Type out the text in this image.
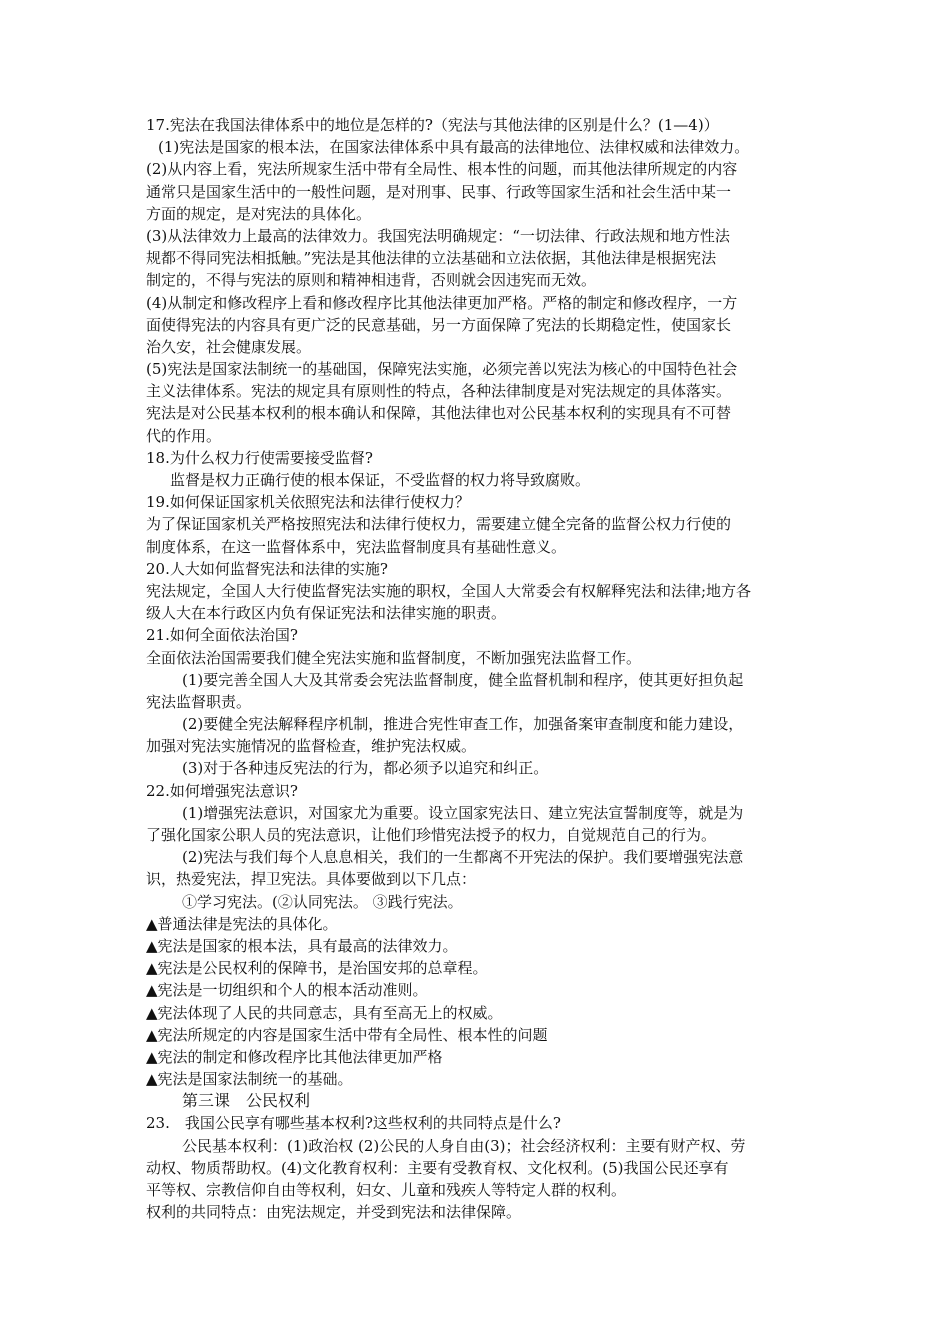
17.宪法在我国法律体系中的地位是怎样的?（宪法与其他法律的区别是什么？(1—4)）
(1)宪法是国家的根本法，在国家法律体系中具有最高的法律地位、法律权威和法律效力。
(2)从内容上看，宪法所规家生活中带有全局性、根本性的问题，而其他法律所规定的内容
通常只是国家生活中的一般性问题，是对刑事、民事、行政等国家生活和社会生活中某一
方面的规定，是对宪法的具体化。
(3)从法律效力上最高的法律效力。我国宪法明确规定：“一切法律、行政法规和地方性法
规都不得同宪法相抵触。”宪法是其他法律的立法基础和立法依据，其他法律是根据宪法
制定的，不得与宪法的原则和精神相违背，否则就会因违宪而无效。
(4)从制定和修改程序上看和修改程序比其他法律更加严格。严格的制定和修改程序，一方
面使得宪法的内容具有更广泛的民意基础，另一方面保障了宪法的长期稳定性，使国家长
治久安，社会健康发展。
(5)宪法是国家法制统一的基础国，保障宪法实施，必须完善以宪法为核心的中国特色社会
主义法律体系。宪法的规定具有原则性的特点，各种法律制度是对宪法规定的具体落实。
宪法是对公民基本权利的根本确认和保障，其他法律也对公民基本权利的实现具有不可替
代的作用。
18.为什么权力行使需要接受监督?
监督是权力正确行使的根本保证，不受监督的权力将导致腐败。
19.如何保证国家机关依照宪法和法律行使权力？
为了保证国家机关严格按照宪法和法律行使权力，需要建立健全完备的监督公权力行使的
制度体系，在这一监督体系中，宪法监督制度具有基础性意义。
20.人大如何监督宪法和法律的实施?
宪法规定，全国人大行使监督宪法实施的职权，全国人大常委会有权解释宪法和法律;地方各
级人大在本行政区内负有保证宪法和法律实施的职责。
21.如何全面依法治国?
全面依法治国需要我们健全宪法实施和监督制度，不断加强宪法监督工作。
(1)要完善全国人大及其常委会宪法监督制度，健全监督机制和程序，使其更好担负起
宪法监督职责。
(2)要健全宪法解释程序机制，推进合宪性审查工作，加强备案审查制度和能力建设，
加强对宪法实施情况的监督检查，维护宪法权威。
(3)对于各种违反宪法的行为，都必须予以追究和纠正。
22.如何增强宪法意识?
(1)增强宪法意识，对国家尤为重要。设立国家宪法日、建立宪法宣誓制度等，就是为
了强化国家公职人员的宪法意识，让他们珍惜宪法授予的权力，自觉规范自己的行为。
(2)宪法与我们每个人息息相关，我们的一生都离不开宪法的保护。我们要增强宪法意
识，热爱宪法，捍卫宪法。具体要做到以下几点：
①学习宪法。(②认同宪法。 ③践行宪法。
▲普通法律是宪法的具体化。
▲宪法是国家的根本法，具有最高的法律效力。
▲宪法是公民权利的保障书，是治国安邦的总章程。
▲宪法是一切组织和个人的根本活动准则。
▲宪法体现了人民的共同意志，具有至高无上的权威。
▲宪法所规定的内容是国家生活中带有全局性、根本性的问题
▲宪法的制定和修改程序比其他法律更加严格
▲宪法是国家法制统一的基础。
第三课　公民权利
23.　我国公民享有哪些基本权利?这些权利的共同特点是什么?
公民基本权利：(1)政治权 (2)公民的人身自由(3)；社会经济权利：主要有财产权、劳
动权、物质帮助权。(4)文化教育权利：主要有受教育权、文化权利。(5)我国公民还享有
平等权、宗教信仰自由等权利，妇女、儿童和残疾人等特定人群的权利。
权利的共同特点：由宪法规定，并受到宪法和法律保障。
